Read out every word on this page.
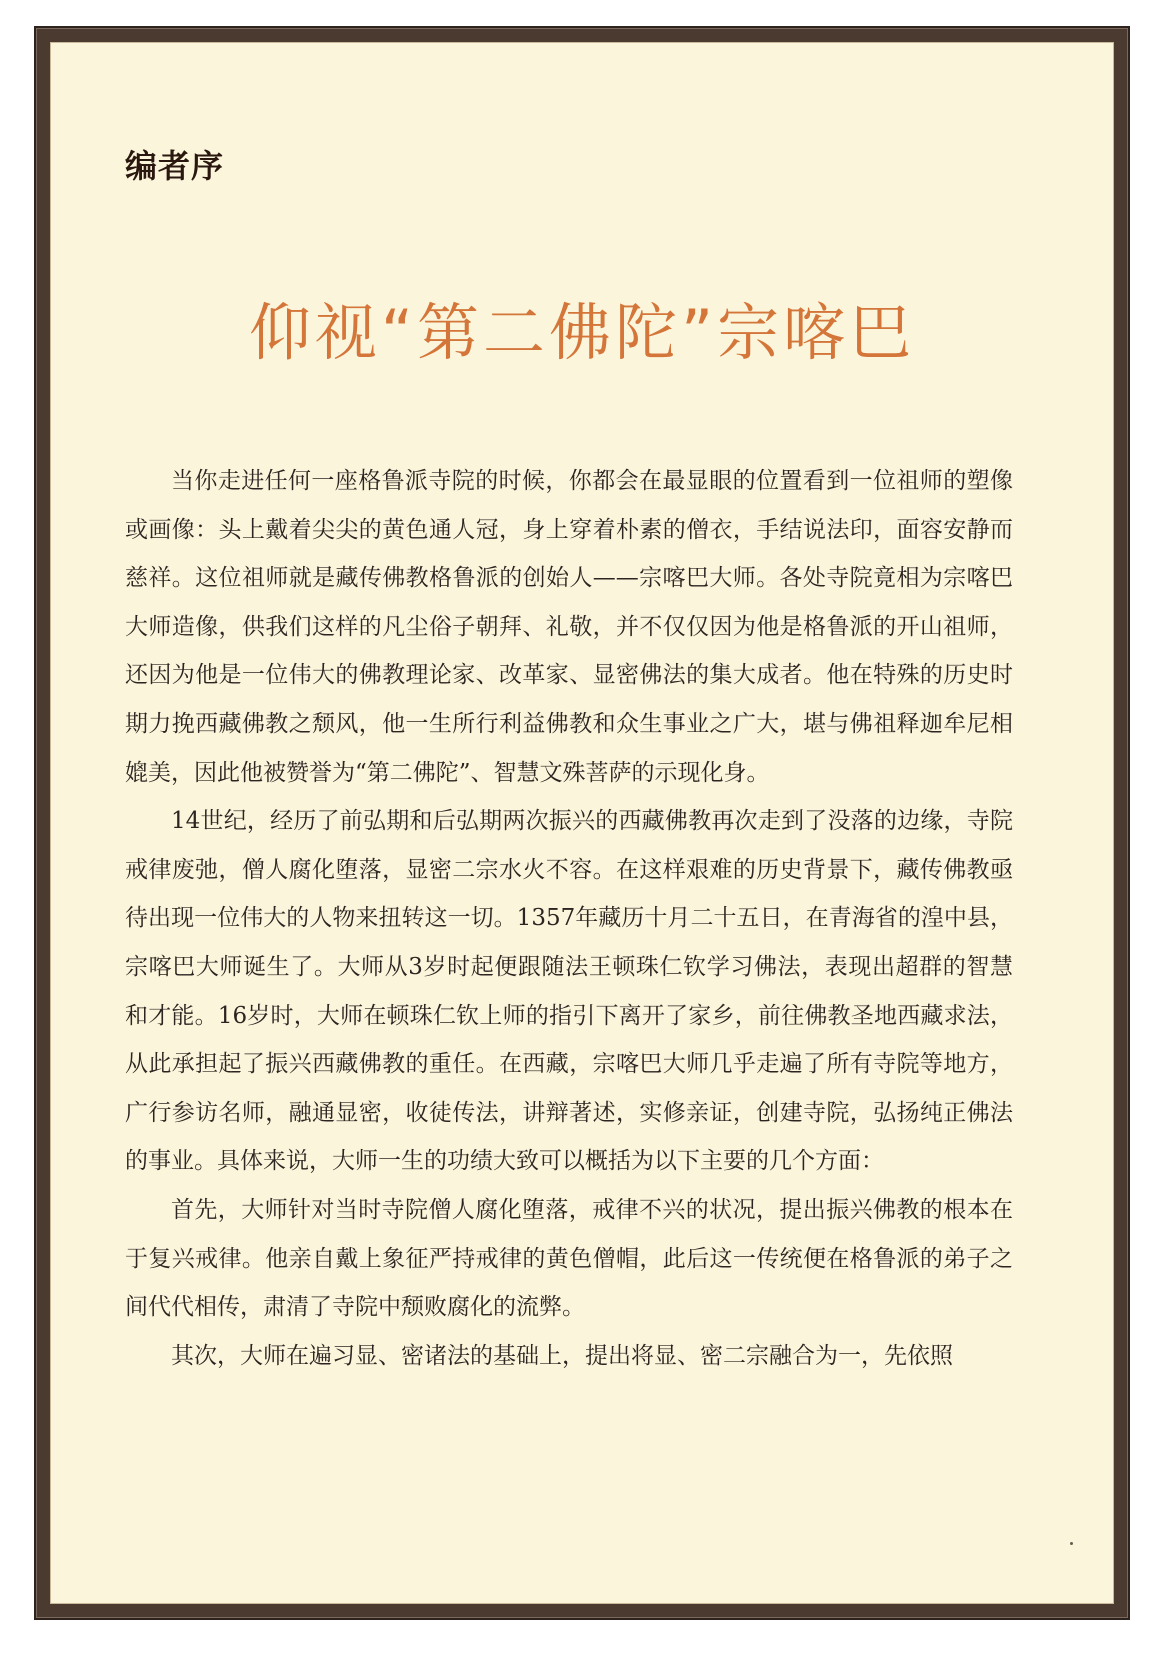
编者序
仰视“第二佛陀”宗喀巴

当你走进任何一座格鲁派寺院的时候，你都会在最显眼的位置看到一位祖师的塑像或画像：头上戴着尖尖的黄色通人冠，身上穿着朴素的僧衣，手结说法印，面容安静而慈祥。这位祖师就是藏传佛教格鲁派的创始人——宗喀巴大师。各处寺院竟相为宗喀巴大师造像，供我们这样的凡尘俗子朝拜、礼敬，并不仅仅因为他是格鲁派的开山祖师，还因为他是一位伟大的佛教理论家、改革家、显密佛法的集大成者。他在特殊的历史时期力挽西藏佛教之颓风，他一生所行利益佛教和众生事业之广大，堪与佛祖释迦牟尼相媲美，因此他被赞誉为“第二佛陀”、智慧文殊菩萨的示现化身。

14世纪，经历了前弘期和后弘期两次振兴的西藏佛教再次走到了没落的边缘，寺院戒律废弛，僧人腐化堕落，显密二宗水火不容。在这样艰难的历史背景下，藏传佛教亟待出现一位伟大的人物来扭转这一切。1357年藏历十月二十五日，在青海省的湟中县，宗喀巴大师诞生了。大师从3岁时起便跟随法王顿珠仁钦学习佛法，表现出超群的智慧和才能。16岁时，大师在顿珠仁钦上师的指引下离开了家乡，前往佛教圣地西藏求法，从此承担起了振兴西藏佛教的重任。在西藏，宗喀巴大师几乎走遍了所有寺院等地方，广行参访名师，融通显密，收徒传法，讲辩著述，实修亲证，创建寺院，弘扬纯正佛法的事业。具体来说，大师一生的功绩大致可以概括为以下主要的几个方面：

首先，大师针对当时寺院僧人腐化堕落，戒律不兴的状况，提出振兴佛教的根本在于复兴戒律。他亲自戴上象征严持戒律的黄色僧帽，此后这一传统便在格鲁派的弟子之间代代相传，肃清了寺院中颓败腐化的流弊。

其次，大师在遍习显、密诸法的基础上，提出将显、密二宗融合为一，先依照
